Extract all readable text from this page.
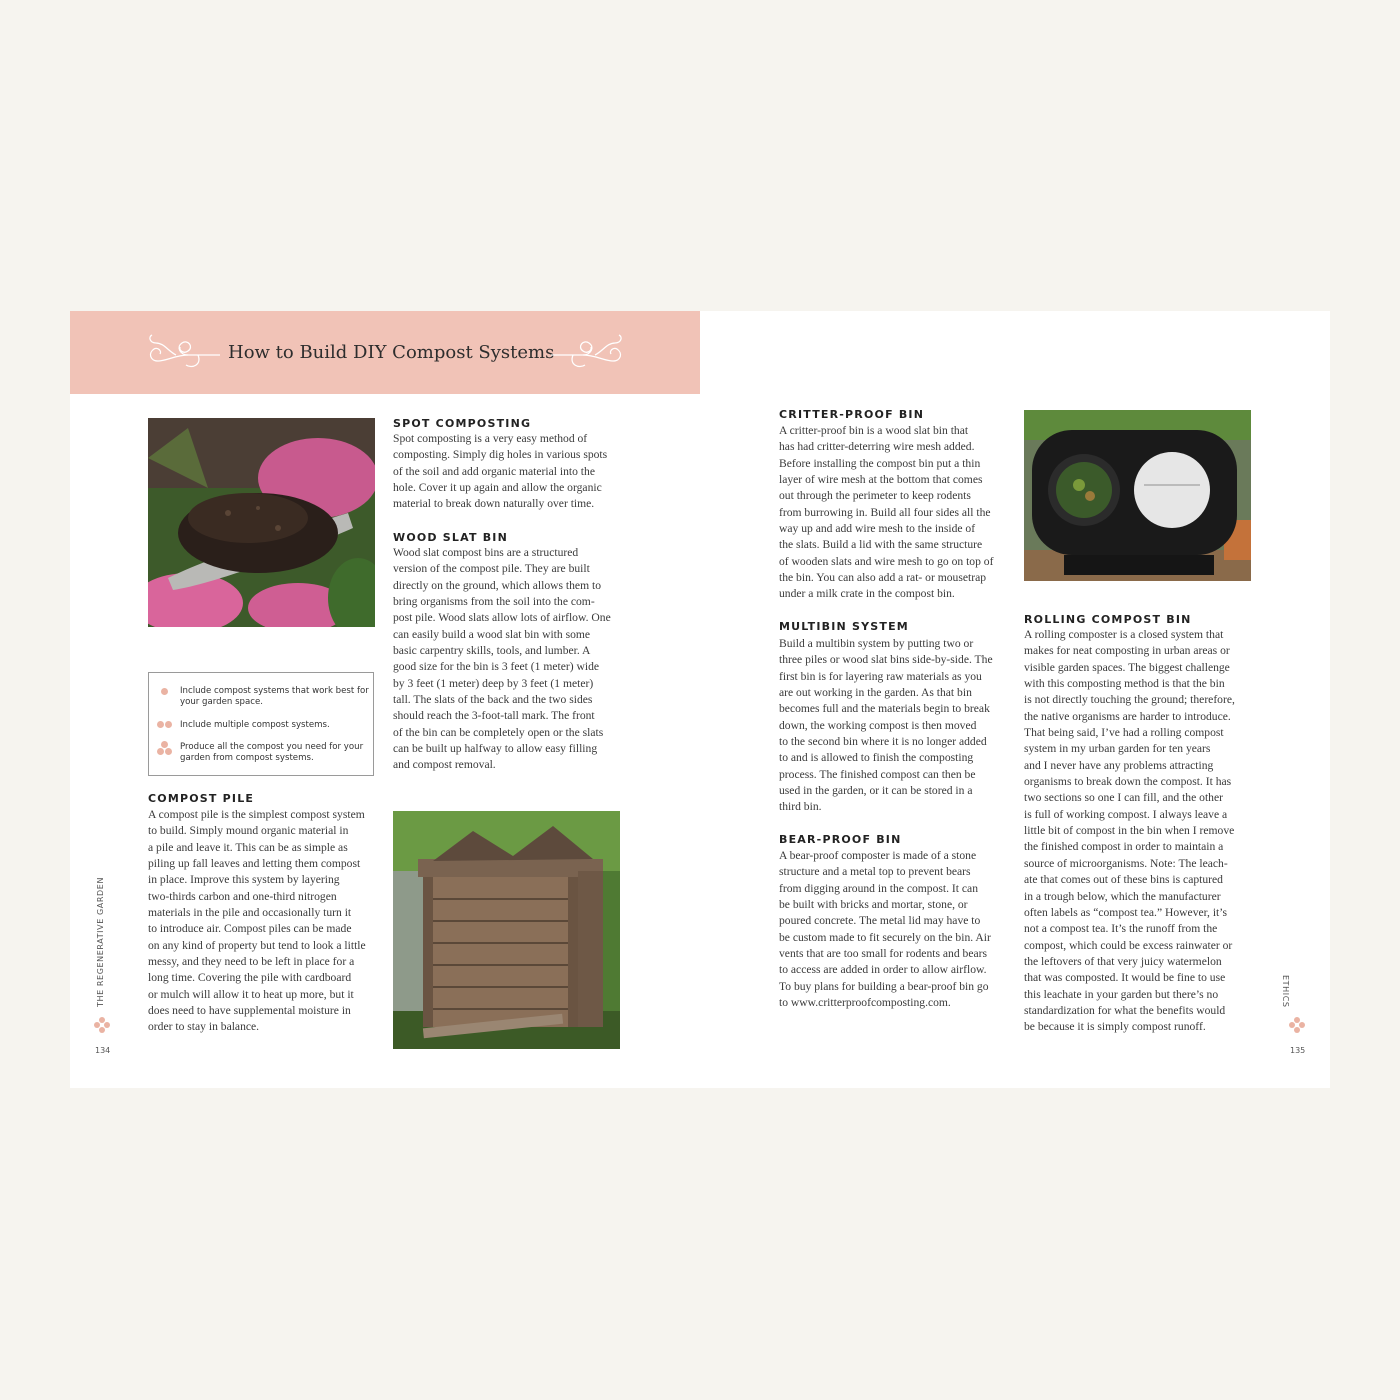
How to Build DIY Compost Systems
Include compost systems that work best for your garden space.
Include multiple compost systems.
Produce all the compost you need for your garden from compost systems.
SPOT COMPOSTING

Spot composting is a very easy method of

composting. Simply dig holes in various spots

of the soil and add organic material into the

hole. Cover it up again and allow the organic

material to break down naturally over time.

WOOD SLAT BIN

Wood slat compost bins are a structured

version of the compost pile. They are built

directly on the ground, which allows them to

bring organisms from the soil into the com-

post pile. Wood slats allow lots of airflow. One

can easily build a wood slat bin with some

basic carpentry skills, tools, and lumber. A

good size for the bin is 3 feet (1 meter) wide

by 3 feet (1 meter) deep by 3 feet (1 meter)

tall. The slats of the back and the two sides

should reach the 3-foot-tall mark. The front

of the bin can be completely open or the slats

can be built up halfway to allow easy filling

and compost removal.

COMPOST PILE

A compost pile is the simplest compost system

to build. Simply mound organic material in

a pile and leave it. This can be as simple as

piling up fall leaves and letting them compost

in place. Improve this system by layering

two-thirds carbon and one-third nitrogen

materials in the pile and occasionally turn it

to introduce air. Compost piles can be made

on any kind of property but tend to look a little

messy, and they need to be left in place for a

long time. Covering the pile with cardboard

or mulch will allow it to heat up more, but it

does need to have supplemental moisture in

order to stay in balance.

CRITTER-PROOF BIN

A critter-proof bin is a wood slat bin that

has had critter-deterring wire mesh added.

Before installing the compost bin put a thin

layer of wire mesh at the bottom that comes

out through the perimeter to keep rodents

from burrowing in. Build all four sides all the

way up and add wire mesh to the inside of

the slats. Build a lid with the same structure

of wooden slats and wire mesh to go on top of

the bin. You can also add a rat- or mousetrap

under a milk crate in the compost bin.

MULTIBIN SYSTEM

Build a multibin system by putting two or

three piles or wood slat bins side-by-side. The

first bin is for layering raw materials as you

are out working in the garden. As that bin

becomes full and the materials begin to break

down, the working compost is then moved

to the second bin where it is no longer added

to and is allowed to finish the composting

process. The finished compost can then be

used in the garden, or it can be stored in a

third bin.

BEAR-PROOF BIN

A bear-proof composter is made of a stone

structure and a metal top to prevent bears

from digging around in the compost. It can

be built with bricks and mortar, stone, or

poured concrete. The metal lid may have to

be custom made to fit securely on the bin. Air

vents that are too small for rodents and bears

to access are added in order to allow airflow.

To buy plans for building a bear-proof bin go

to www.critterproofcomposting.com.

ROLLING COMPOST BIN

A rolling composter is a closed system that

makes for neat composting in urban areas or

visible garden spaces. The biggest challenge

with this composting method is that the bin

is not directly touching the ground; therefore,

the native organisms are harder to introduce.

That being said, I’ve had a rolling compost

system in my urban garden for ten years

and I never have any problems attracting

organisms to break down the compost. It has

two sections so one I can fill, and the other

is full of working compost. I always leave a

little bit of compost in the bin when I remove

the finished compost in order to maintain a

source of microorganisms. Note: The leach-

ate that comes out of these bins is captured

in a trough below, which the manufacturer

often labels as “compost tea.” However, it’s

not a compost tea. It’s the runoff from the

compost, which could be excess rainwater or

the leftovers of that very juicy watermelon

that was composted. It would be fine to use

this leachate in your garden but there’s no

standardization for what the benefits would

be because it is simply compost runoff.

THE REGENERATIVE GARDEN
134
ETHICS
135
